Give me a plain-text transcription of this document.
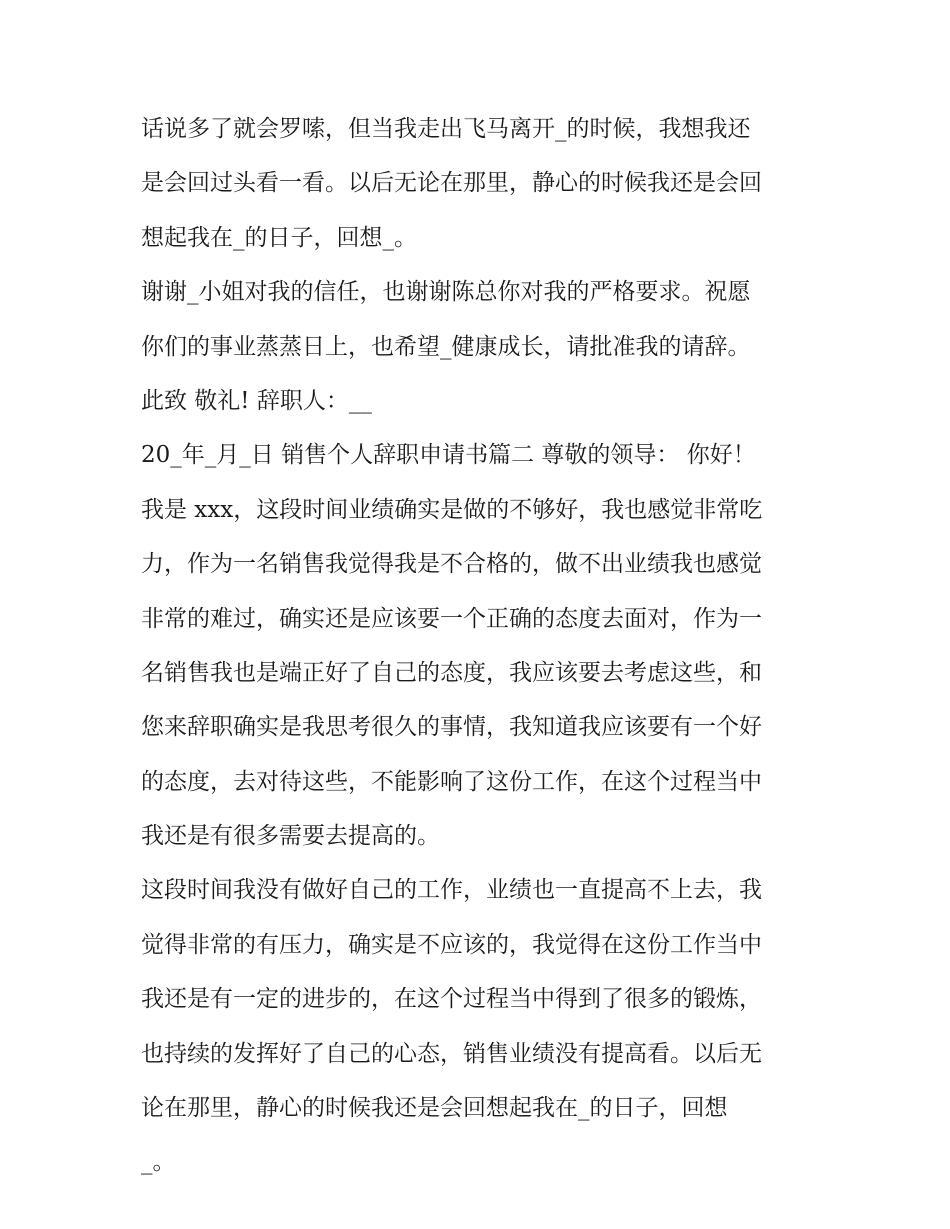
话说多了就会罗嗦，但当我走出飞马离开_的时候，我想我还
是会回过头看一看。以后无论在那里，静心的时候我还是会回
想起我在_的日子，回想_。
谢谢_小姐对我的信任，也谢谢陈总你对我的严格要求。祝愿
你们的事业蒸蒸日上，也希望_健康成长，请批准我的请辞。
此致 敬礼! 辞职人：__
20_年_月_日 销售个人辞职申请书篇二 尊敬的领导： 你好！
我是 xxx，这段时间业绩确实是做的不够好，我也感觉非常吃
力，作为一名销售我觉得我是不合格的，做不出业绩我也感觉
非常的难过，确实还是应该要一个正确的态度去面对，作为一
名销售我也是端正好了自己的态度，我应该要去考虑这些，和
您来辞职确实是我思考很久的事情，我知道我应该要有一个好
的态度，去对待这些，不能影响了这份工作，在这个过程当中
我还是有很多需要去提高的。
这段时间我没有做好自己的工作，业绩也一直提高不上去，我
觉得非常的有压力，确实是不应该的，我觉得在这份工作当中
我还是有一定的进步的，在这个过程当中得到了很多的锻炼，
也持续的发挥好了自己的心态，销售业绩没有提高看。以后无
论在那里，静心的时候我还是会回想起我在_的日子，回想
_。
